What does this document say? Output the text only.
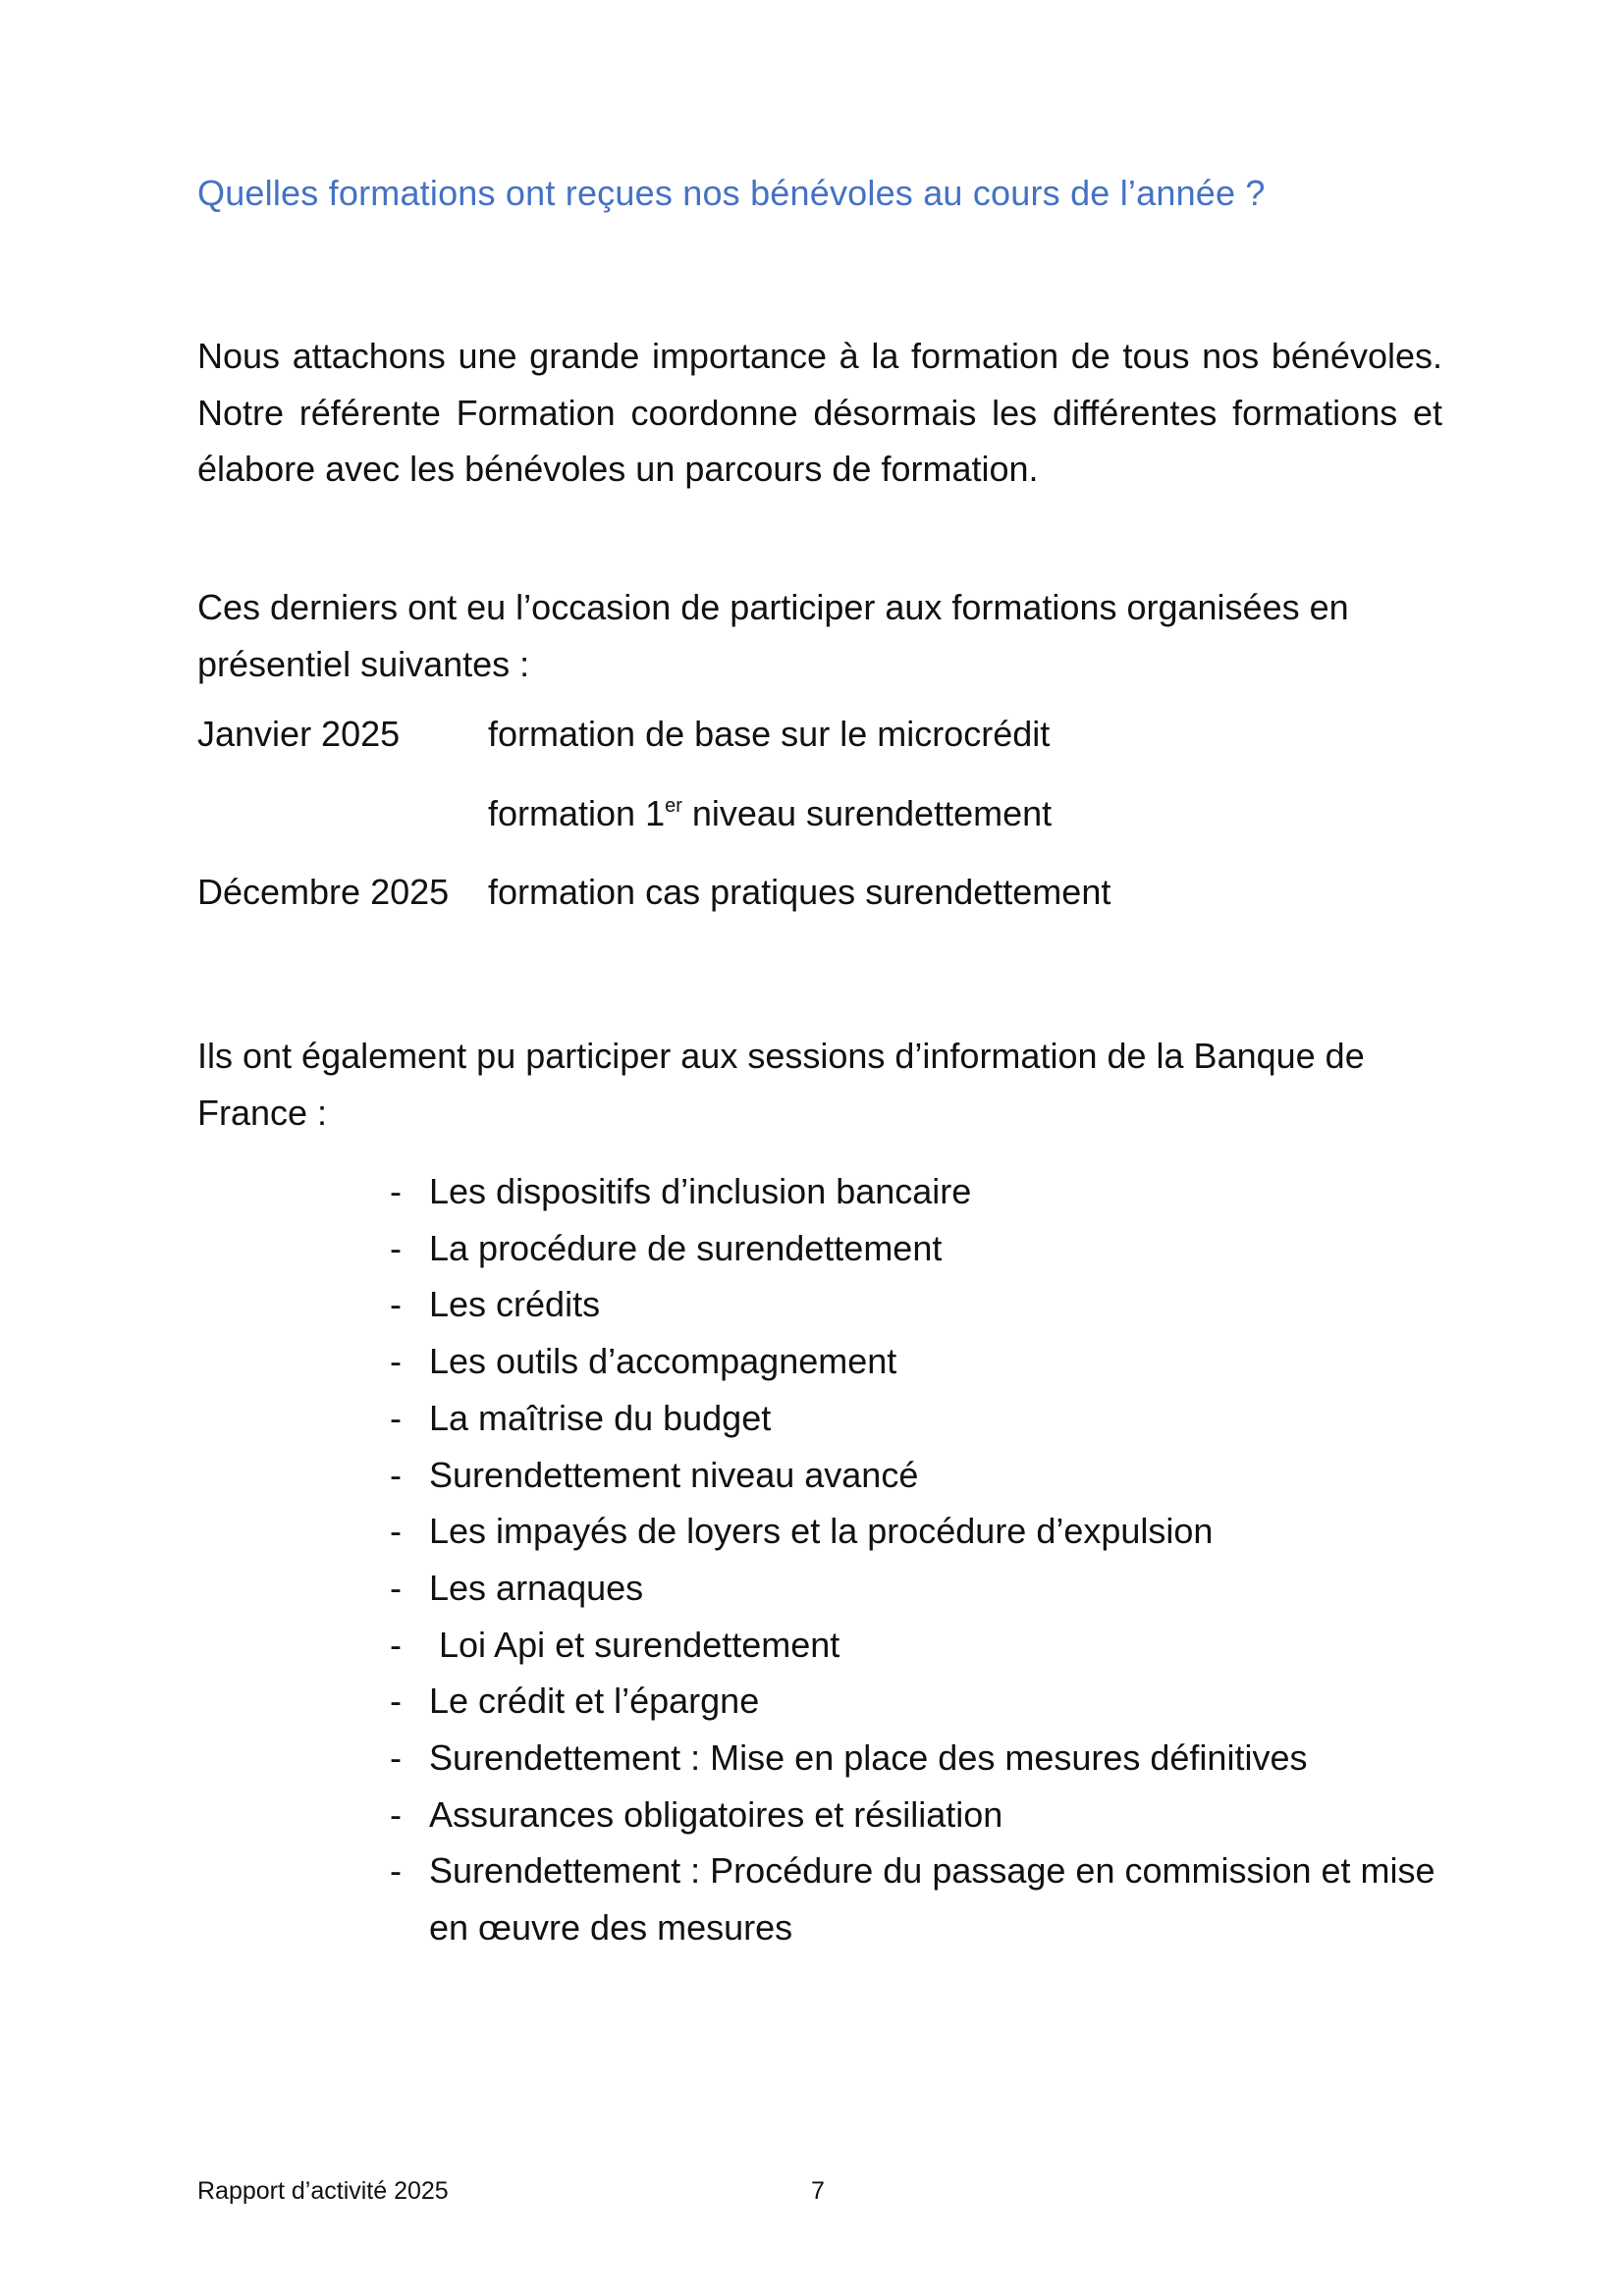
Quelles formations ont reçues nos bénévoles au cours de l’année ?

Nous attachons une grande importance à la formation de tous nos bénévoles. Notre référente Formation coordonne désormais les différentes formations et élabore avec les bénévoles un parcours de formation.

Ces derniers ont eu l’occasion de participer aux formations organisées en présentiel suivantes :

Janvier 2025 formation de base sur le microcrédit
formation 1er niveau surendettement
Décembre 2025 formation cas pratiques surendettement

Ils ont également pu participer aux sessions d’information de la Banque de France :

- Les dispositifs d’inclusion bancaire
- La procédure de surendettement
- Les crédits
- Les outils d’accompagnement
- La maîtrise du budget
- Surendettement niveau avancé
- Les impayés de loyers et la procédure d’expulsion
- Les arnaques
- Loi Api et surendettement
- Le crédit et l’épargne
- Surendettement : Mise en place des mesures définitives
- Assurances obligatoires et résiliation
- Surendettement : Procédure du passage en commission et mise en œuvre des mesures
Rapport d’activité 2025	7
